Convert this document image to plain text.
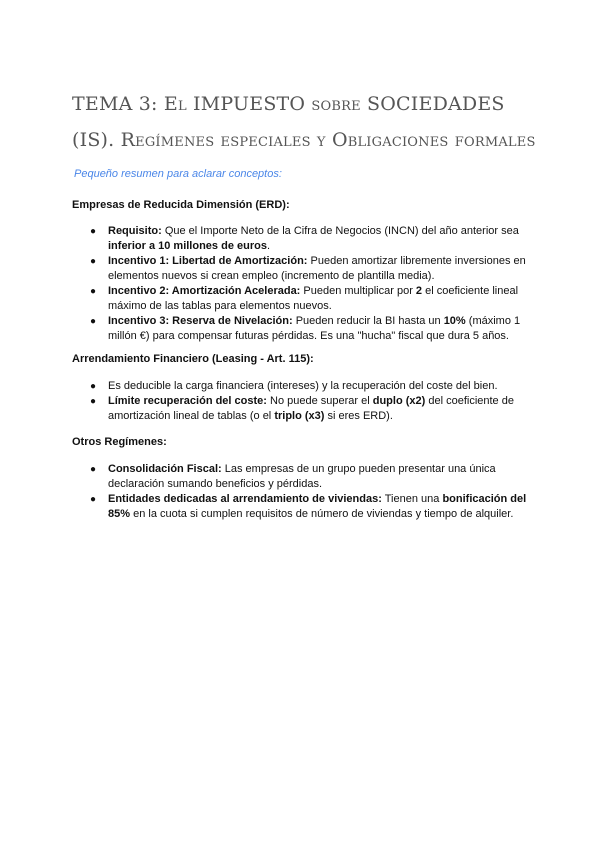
TEMA 3: El IMPUESTO sobre SOCIEDADES (IS). Regímenes especiales y Obligaciones formales

Pequeño resumen para aclarar conceptos:

Empresas de Reducida Dimensión (ERD):
● Requisito: Que el Importe Neto de la Cifra de Negocios (INCN) del año anterior sea inferior a 10 millones de euros.
● Incentivo 1: Libertad de Amortización: Pueden amortizar libremente inversiones en elementos nuevos si crean empleo (incremento de plantilla media).
● Incentivo 2: Amortización Acelerada: Pueden multiplicar por 2 el coeficiente lineal máximo de las tablas para elementos nuevos.
● Incentivo 3: Reserva de Nivelación: Pueden reducir la BI hasta un 10% (máximo 1 millón €) para compensar futuras pérdidas. Es una "hucha" fiscal que dura 5 años.
Arrendamiento Financiero (Leasing - Art. 115):
● Es deducible la carga financiera (intereses) y la recuperación del coste del bien.
● Límite recuperación del coste: No puede superar el duplo (x2) del coeficiente de amortización lineal de tablas (o el triplo (x3) si eres ERD).
Otros Regímenes:
● Consolidación Fiscal: Las empresas de un grupo pueden presentar una única declaración sumando beneficios y pérdidas.
● Entidades dedicadas al arrendamiento de viviendas: Tienen una bonificación del 85% en la cuota si cumplen requisitos de número de viviendas y tiempo de alquiler.
